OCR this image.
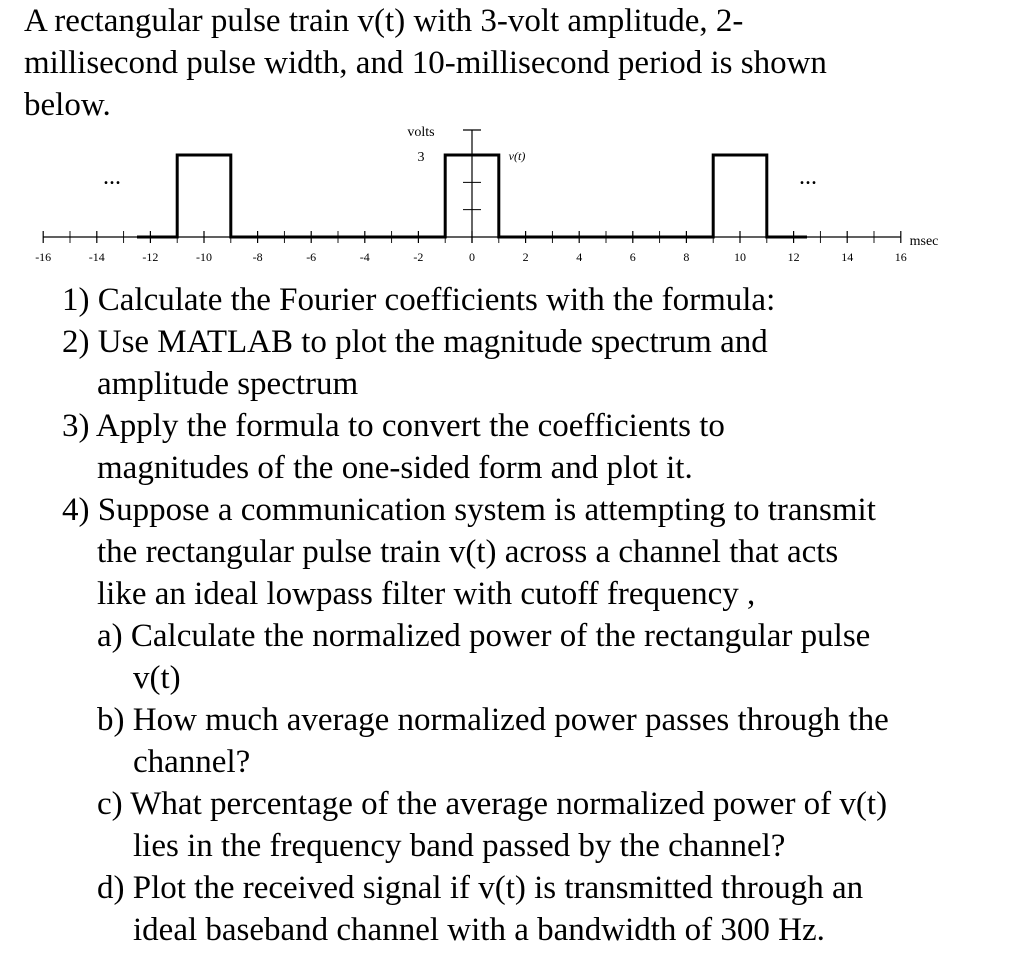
A rectangular pulse train v(t) with 3-volt amplitude, 2-
millisecond pulse width, and 10-millisecond period is shown
below.
-16	-14	-12	-10	-8	-6	-4	-2	0	2	4	6	8	10	12	14	16
volts
3	v(t)
msec
...	...
1) Calculate the Fourier coefficients with the formula:
2) Use MATLAB to plot the magnitude spectrum and
amplitude spectrum
3) Apply the formula to convert the coefficients to
magnitudes of the one-sided form and plot it.
4) Suppose a communication system is attempting to transmit
the rectangular pulse train v(t) across a channel that acts
like an ideal lowpass filter with cutoff frequency ,
a) Calculate the normalized power of the rectangular pulse
v(t)
b) How much average normalized power passes through the
channel?
c) What percentage of the average normalized power of v(t)
lies in the frequency band passed by the channel?
d) Plot the received signal if v(t) is transmitted through an
ideal baseband channel with a bandwidth of 300 Hz.
